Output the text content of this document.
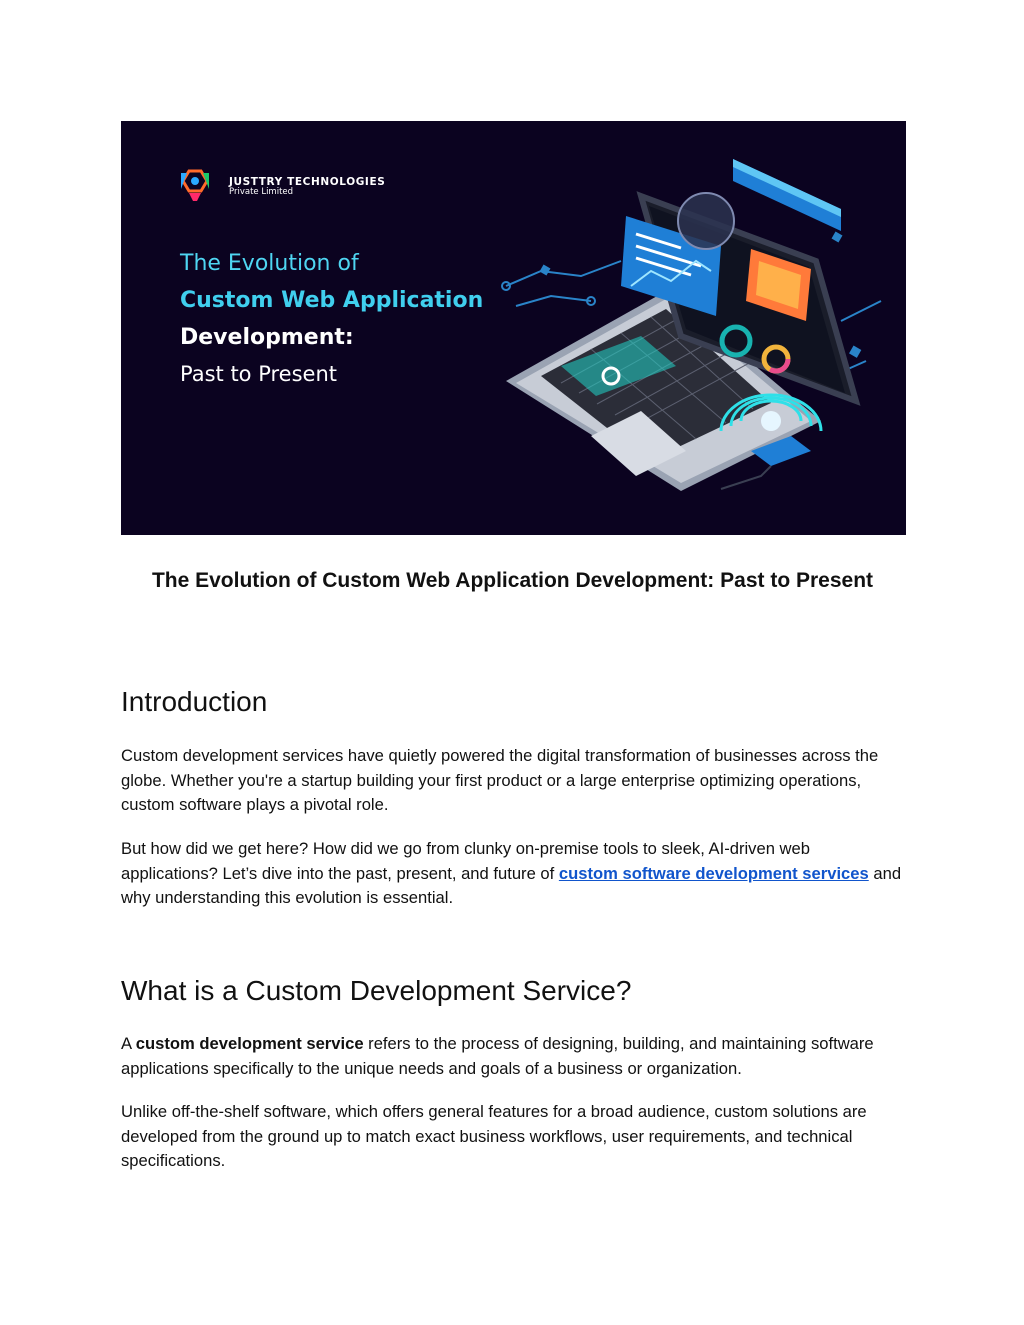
JUSTTRY TECHNOLOGIES
Private Limited
The Evolution of
Custom Web Application
Development:
Past to Present
The Evolution of Custom Web Application Development: Past to Present
Introduction

Custom development services have quietly powered the digital transformation of businesses across the globe. Whether you're a startup building your first product or a large enterprise optimizing operations, custom software plays a pivotal role.

But how did we get here? How did we go from clunky on-premise tools to sleek, AI-driven web applications? Let’s dive into the past, present, and future of custom software development services and why understanding this evolution is essential.

What is a Custom Development Service?

A custom development service refers to the process of designing, building, and maintaining software applications specifically to the unique needs and goals of a business or organization.

Unlike off-the-shelf software, which offers general features for a broad audience, custom solutions are developed from the ground up to match exact business workflows, user requirements, and technical specifications.
